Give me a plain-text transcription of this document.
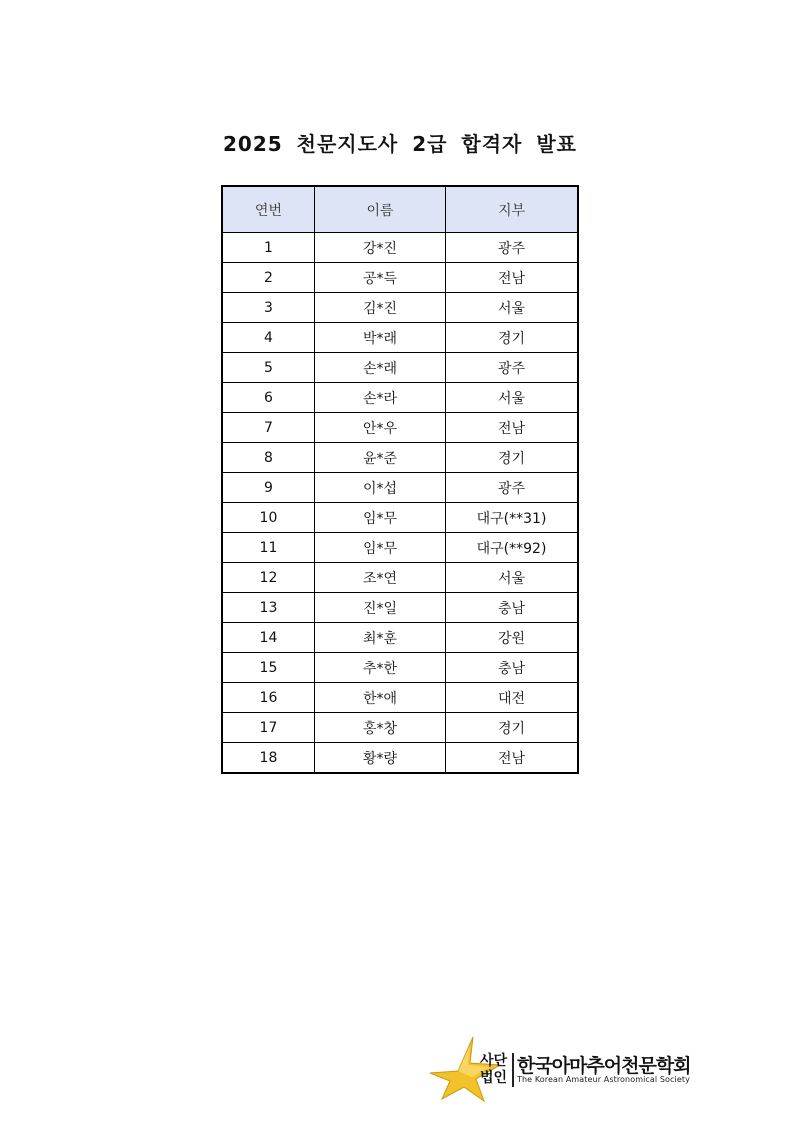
2025 천문지도사 2급 합격자 발표
연번	이름	지부
1	강*진	광주
2	공*득	전남
3	김*진	서울
4	박*래	경기
5	손*래	광주
6	손*라	서울
7	안*우	전남
8	윤*준	경기
9	이*섭	광주
10	임*무	대구(**31)
11	임*무	대구(**92)
12	조*연	서울
13	진*일	충남
14	최*훈	강원
15	추*한	충남
16	한*애	대전
17	홍*창	경기
18	황*량	전남
사단
법인
한국아마추어천문학회
The Korean Amateur Astronomical Society
